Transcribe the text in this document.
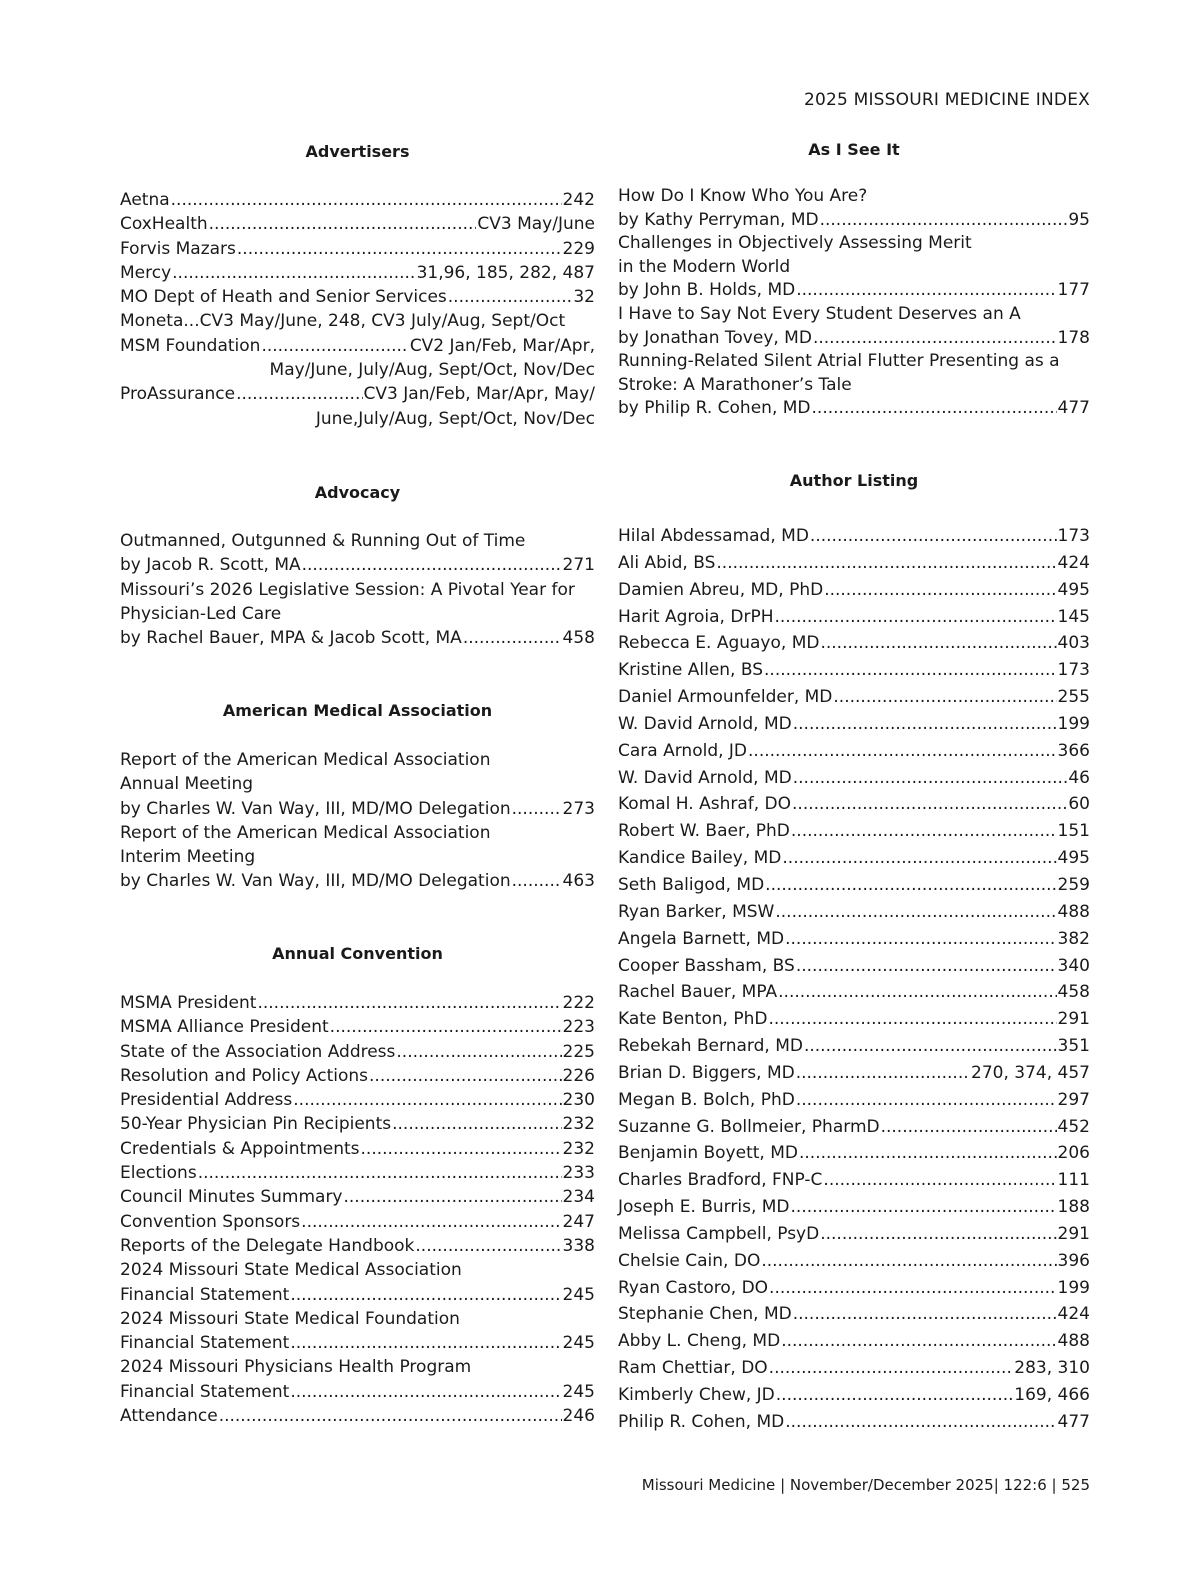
2025 MISSOURI MEDICINE INDEX
Advertisers
Aetna .....	242
CoxHealth .....	CV3 May/June
Forvis Mazars .....	229
Mercy .....	31,96, 185, 282, 487
MO Dept of Heath and Senior Services .....	32
Moneta...CV3 May/June, 248, CV3 July/Aug, Sept/Oct
MSM Foundation .....	CV2 Jan/Feb, Mar/Apr,
May/June, July/Aug, Sept/Oct, Nov/Dec
ProAssurance .....	CV3 Jan/Feb, Mar/Apr, May/
June,July/Aug, Sept/Oct, Nov/Dec
Advocacy
Outmanned, Outgunned & Running Out of Time
by Jacob R. Scott, MA .....	271
Missouri’s 2026 Legislative Session: A Pivotal Year for
Physician-Led Care
by Rachel Bauer, MPA & Jacob Scott, MA .....	458
American Medical Association
Report of the American Medical Association
Annual Meeting
by Charles W. Van Way, III, MD/MO Delegation .....	273
Report of the American Medical Association
Interim Meeting
by Charles W. Van Way, III, MD/MO Delegation .....	463
Annual Convention
MSMA President .....	222
MSMA Alliance President .....	223
State of the Association Address .....	225
Resolution and Policy Actions .....	226
Presidential Address .....	230
50-Year Physician Pin Recipients .....	232
Credentials & Appointments .....	232
Elections .....	233
Council Minutes Summary .....	234
Convention Sponsors .....	247
Reports of the Delegate Handbook .....	338
2024 Missouri State Medical Association
Financial Statement .....	245
2024 Missouri State Medical Foundation
Financial Statement .....	245
2024 Missouri Physicians Health Program
Financial Statement .....	245
Attendance .....	246
As I See It
How Do I Know Who You Are?
by Kathy Perryman, MD .....	95
Challenges in Objectively Assessing Merit
in the Modern World
by John B. Holds, MD .....	177
I Have to Say Not Every Student Deserves an A
by Jonathan Tovey, MD .....	178
Running-Related Silent Atrial Flutter Presenting as a
Stroke: A Marathoner’s Tale
by Philip R. Cohen, MD .....	477
Author Listing
Hilal Abdessamad, MD .....	173
Ali Abid, BS .....	424
Damien Abreu, MD, PhD .....	495
Harit Agroia, DrPH .....	145
Rebecca E. Aguayo, MD .....	403
Kristine Allen, BS .....	173
Daniel Armounfelder, MD .....	255
W. David Arnold, MD .....	199
Cara Arnold, JD .....	366
W. David Arnold, MD .....	46
Komal H. Ashraf, DO .....	60
Robert W. Baer, PhD .....	151
Kandice Bailey, MD .....	495
Seth Baligod, MD .....	259
Ryan Barker, MSW .....	488
Angela Barnett, MD .....	382
Cooper Bassham, BS .....	340
Rachel Bauer, MPA .....	458
Kate Benton, PhD .....	291
Rebekah Bernard, MD .....	351
Brian D. Biggers, MD .....	270, 374, 457
Megan B. Bolch, PhD .....	297
Suzanne G. Bollmeier, PharmD .....	452
Benjamin Boyett, MD .....	206
Charles Bradford, FNP-C .....	111
Joseph E. Burris, MD .....	188
Melissa Campbell, PsyD .....	291
Chelsie Cain, DO .....	396
Ryan Castoro, DO .....	199
Stephanie Chen, MD .....	424
Abby L. Cheng, MD .....	488
Ram Chettiar, DO .....	283, 310
Kimberly Chew, JD .....	169, 466
Philip R. Cohen, MD .....	477
Missouri Medicine | November/December 2025| 122:6 | 525
